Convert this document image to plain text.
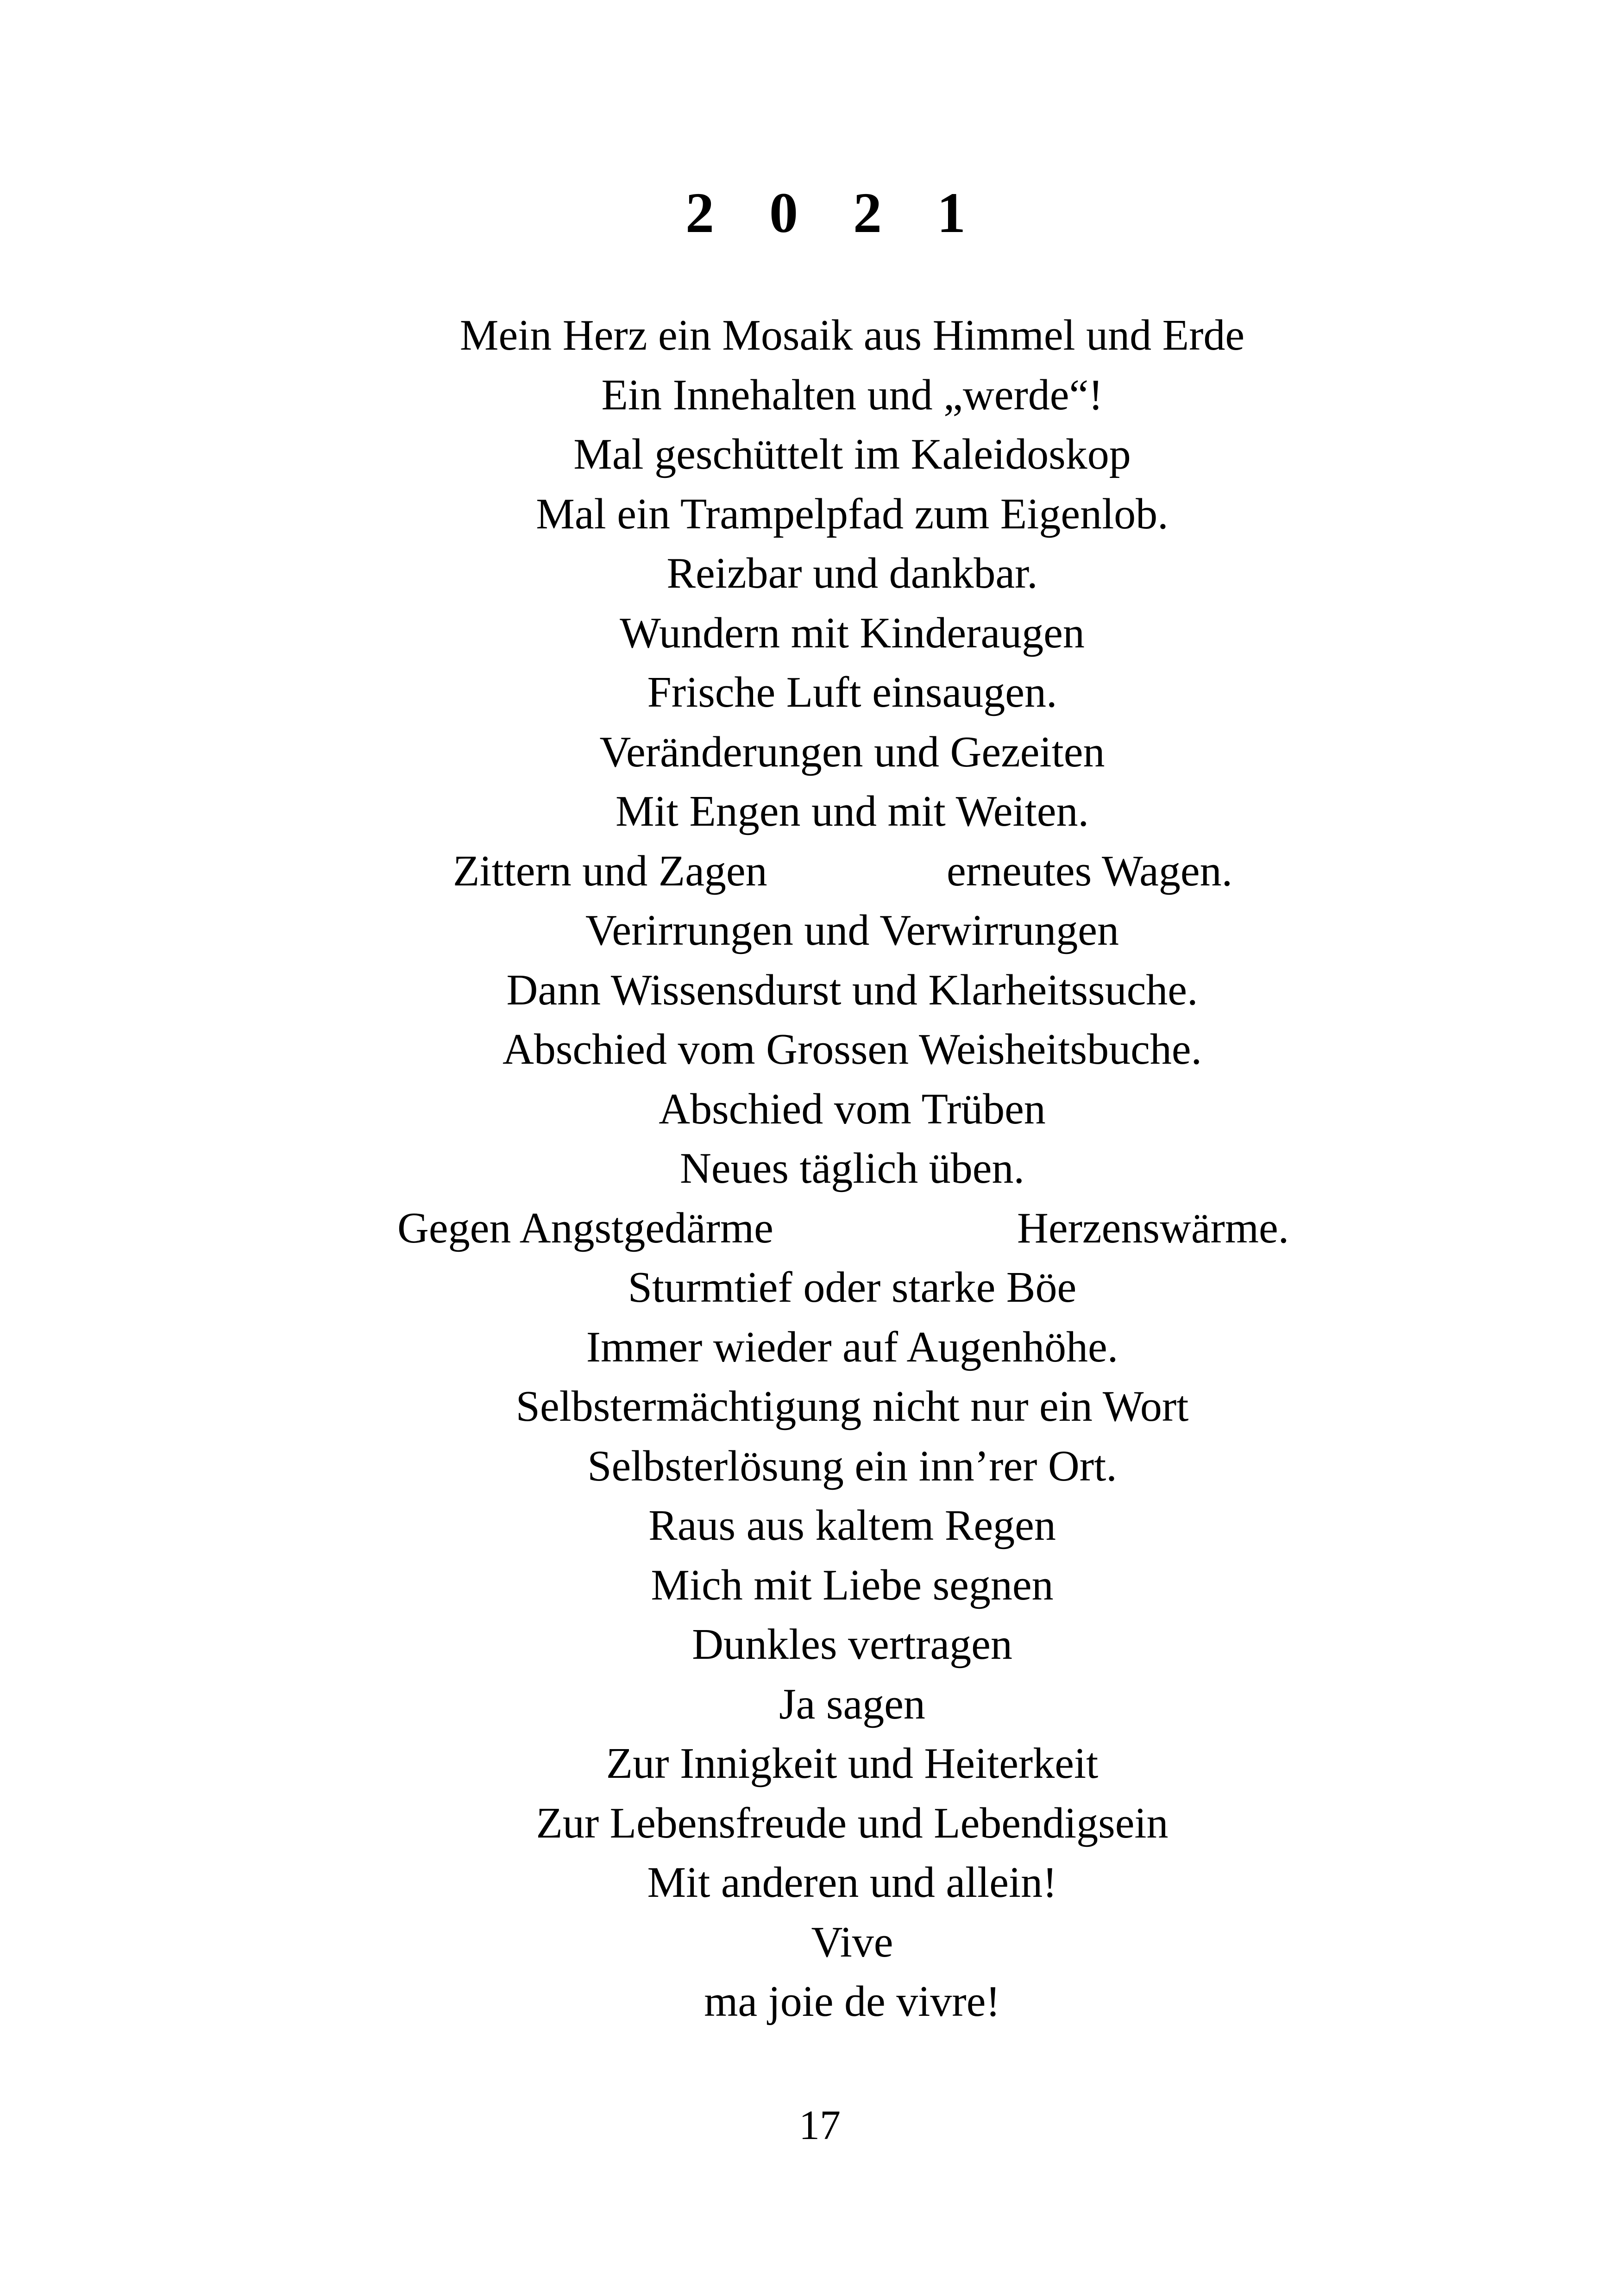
2 0 2 1
Mein Herz ein Mosaik aus Himmel und Erde
Ein Innehalten und „werde“!
Mal geschüttelt im Kaleidoskop
Mal ein Trampelpfad zum Eigenlob.
Reizbar und dankbar.
Wundern mit Kinderaugen
Frische Luft einsaugen.
Veränderungen und Gezeiten
Mit Engen und mit Weiten.
Zittern und Zagen	erneutes Wagen.
Verirrungen und Verwirrungen
Dann Wissensdurst und Klarheitssuche.
Abschied vom Grossen Weisheitsbuche.
Abschied vom Trüben
Neues täglich üben.
Gegen Angstgedärme	Herzenswärme.
Sturmtief oder starke Böe
Immer wieder auf Augenhöhe.
Selbstermächtigung nicht nur ein Wort
Selbsterlösung ein inn’rer Ort.
Raus aus kaltem Regen
Mich mit Liebe segnen
Dunkles vertragen
Ja sagen
Zur Innigkeit und Heiterkeit
Zur Lebensfreude und Lebendigsein
Mit anderen und allein!
Vive
ma joie de vivre!
17
